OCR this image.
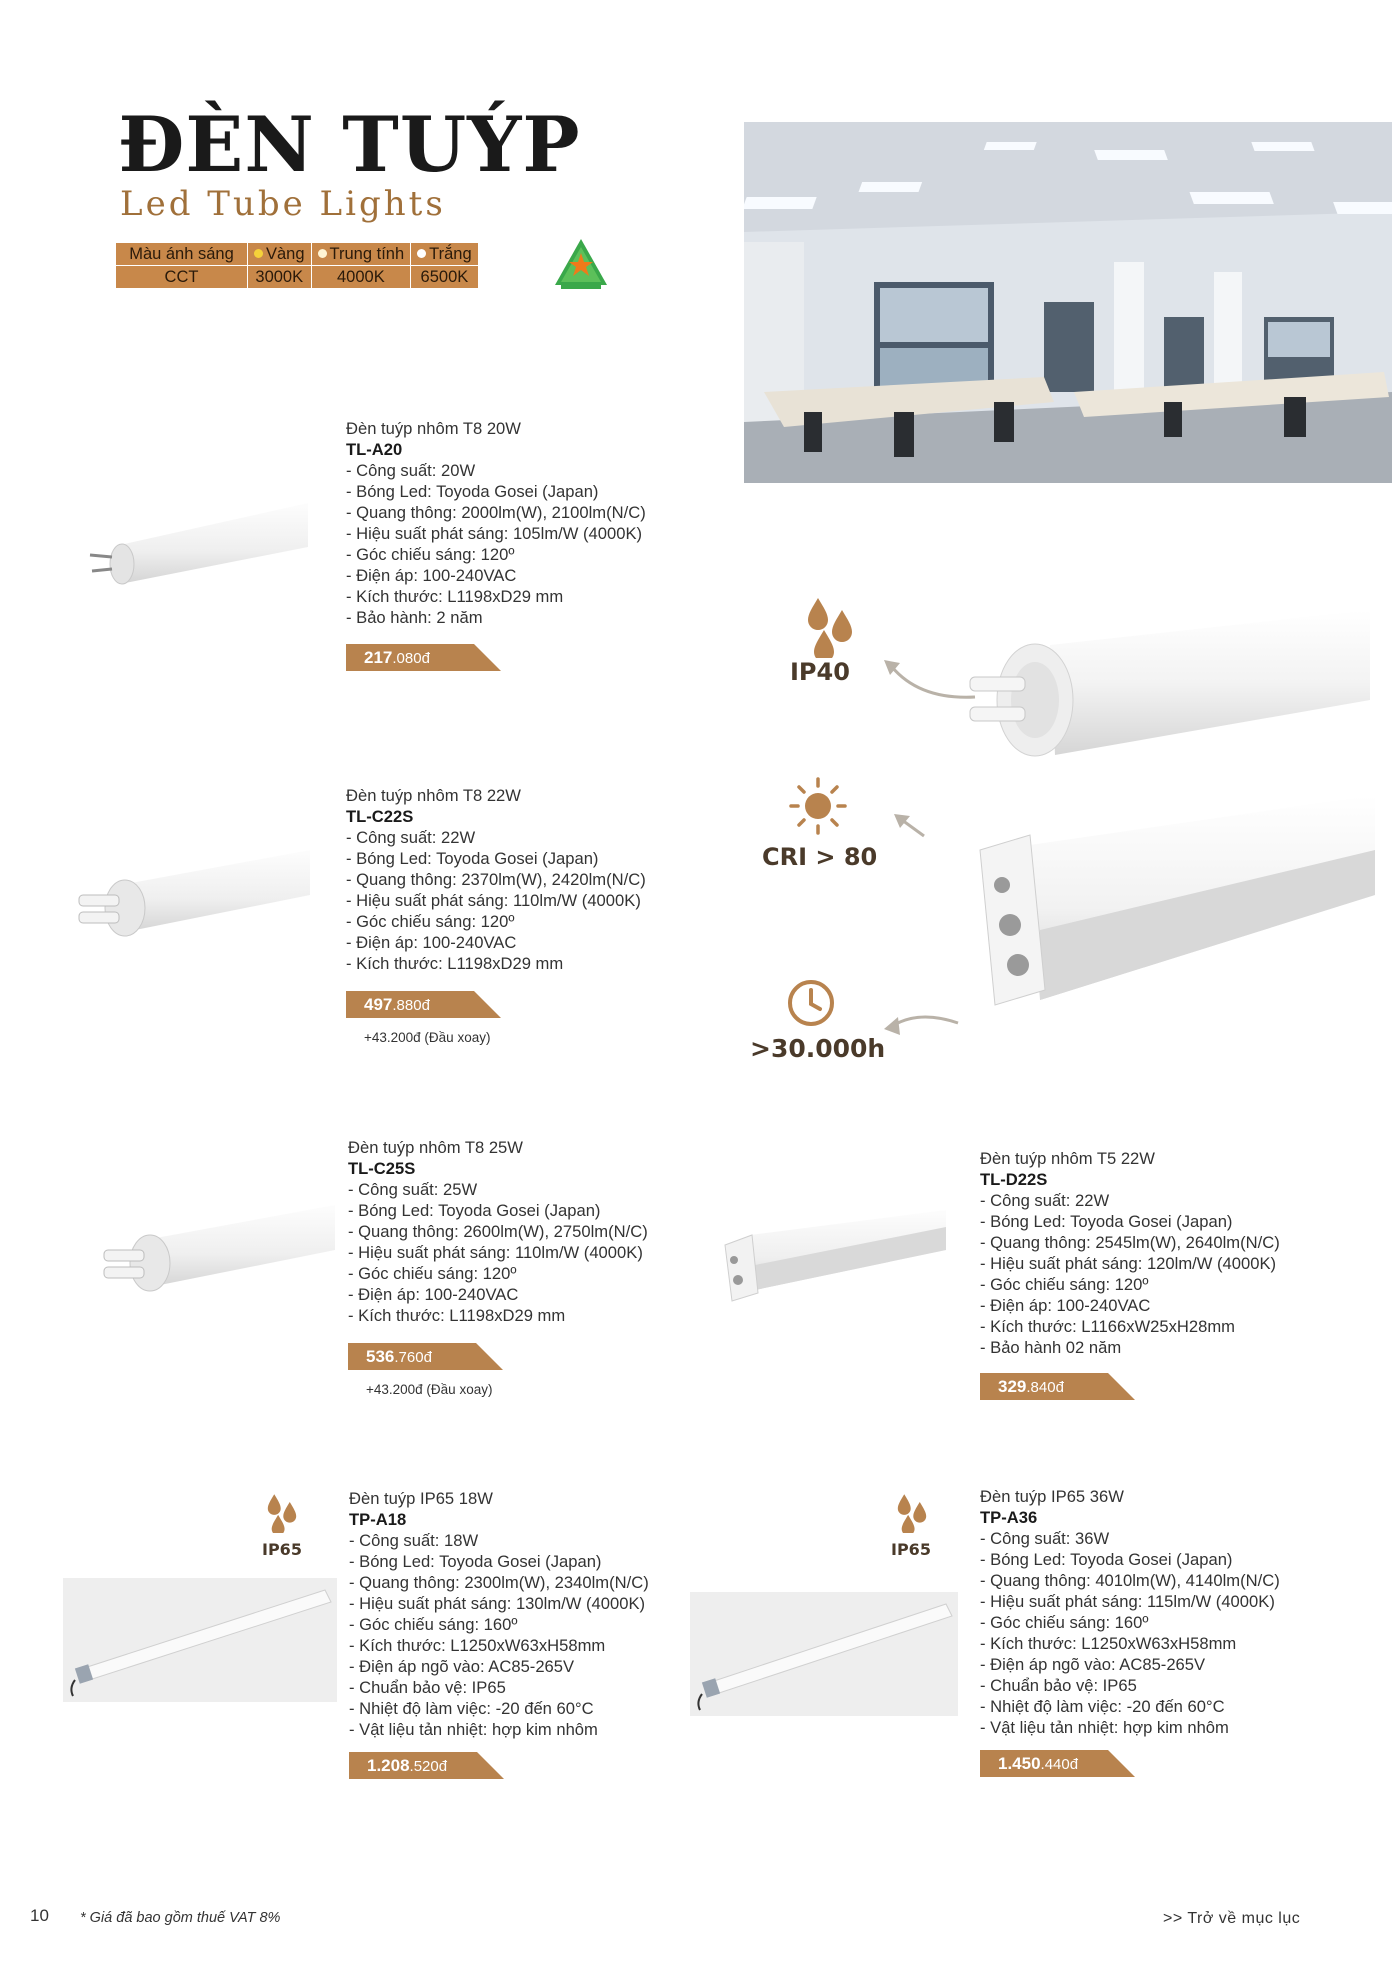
ĐÈN TUÝP
Led Tube Lights
Màu ánh sáng	Vàng	Trung tính	Trắng
CCT	3000K	4000K	6500K
Đèn tuýp nhôm T8 20W
TL-A20
- Công suất: 20W
- Bóng Led: Toyoda Gosei (Japan)
- Quang thông: 2000lm(W), 2100lm(N/C)
- Hiệu suất phát sáng: 105lm/W (4000K)
- Góc chiếu sáng: 120º
- Điện áp: 100-240VAC
- Kích thước: L1198xD29 mm
- Bảo hành: 2 năm
217.080đ	IP40
CRI > 80
>30.000h
Đèn tuýp nhôm T8 22W
TL-C22S
- Công suất: 22W
- Bóng Led: Toyoda Gosei (Japan)
- Quang thông: 2370lm(W), 2420lm(N/C)
- Hiệu suất phát sáng: 110lm/W (4000K)
- Góc chiếu sáng: 120º
- Điện áp: 100-240VAC
- Kích thước: L1198xD29 mm
497.880đ
+43.200đ (Đầu xoay)
Đèn tuýp nhôm T8 25W
TL-C25S
- Công suất: 25W
- Bóng Led: Toyoda Gosei (Japan)
- Quang thông: 2600lm(W), 2750lm(N/C)
- Hiệu suất phát sáng: 110lm/W (4000K)
- Góc chiếu sáng: 120º
- Điện áp: 100-240VAC
- Kích thước: L1198xD29 mm
536.760đ
+43.200đ (Đầu xoay)
Đèn tuýp nhôm T5 22W
TL-D22S
- Công suất: 22W
- Bóng Led: Toyoda Gosei (Japan)
- Quang thông: 2545lm(W), 2640lm(N/C)
- Hiệu suất phát sáng: 120lm/W (4000K)
- Góc chiếu sáng: 120º
- Điện áp: 100-240VAC
- Kích thước: L1166xW25xH28mm
- Bảo hành 02 năm
329.840đ
IP65
Đèn tuýp IP65 18W
TP-A18
- Công suất: 18W
- Bóng Led: Toyoda Gosei (Japan)
- Quang thông: 2300lm(W), 2340lm(N/C)
- Hiệu suất phát sáng: 130lm/W (4000K)
- Góc chiếu sáng: 160º
- Kích thước: L1250xW63xH58mm
- Điện áp ngõ vào: AC85-265V
- Chuẩn bảo vệ: IP65
- Nhiệt độ làm việc: -20 đến 60°C
- Vật liệu tản nhiệt: hợp kim nhôm
1.208.520đ
IP65
Đèn tuýp IP65 36W
TP-A36
- Công suất: 36W
- Bóng Led: Toyoda Gosei (Japan)
- Quang thông: 4010lm(W), 4140lm(N/C)
- Hiệu suất phát sáng: 115lm/W (4000K)
- Góc chiếu sáng: 160º
- Kích thước: L1250xW63xH58mm
- Điện áp ngõ vào: AC85-265V
- Chuẩn bảo vệ: IP65
- Nhiệt độ làm việc: -20 đến 60°C
- Vật liệu tản nhiệt: hợp kim nhôm
1.450.440đ
10 * Giá đã bao gồm thuế VAT 8%	>> Trở về mục lục
